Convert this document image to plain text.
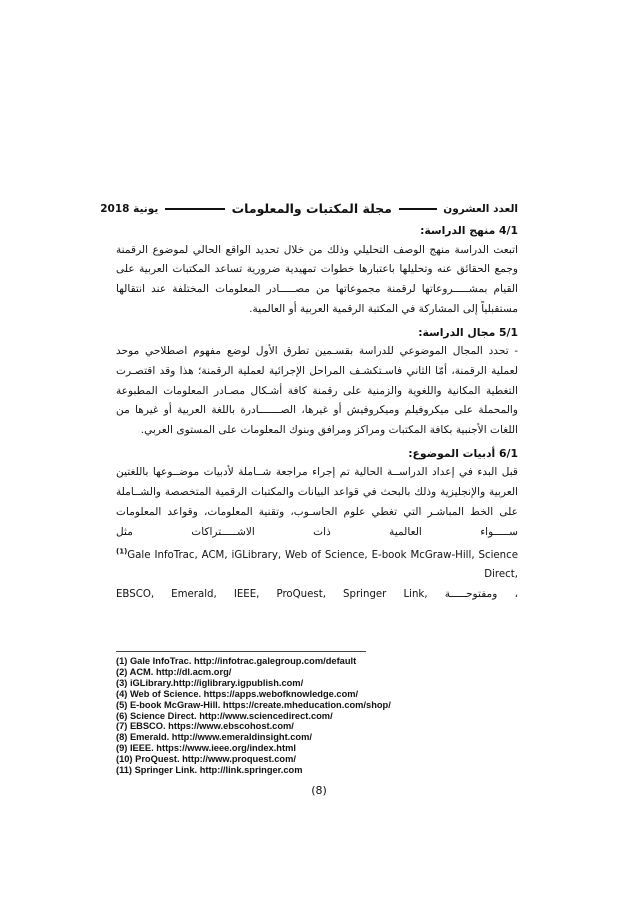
العدد العشرون  مجلة المكتبات والمعلومات  يونية 2018

4/1 منهج الدراسة:

اتبعت الدراسة منهج الوصف التحليلي وذلك من خلال تحديد الواقع الحالي لموضوع الرقمنة وجمع الحقائق عنه وتحليلها باعتبارها خطوات تمهيدية ضرورية تساعد المكتبات العربية على القيام بمشـــــروعاتها لرقمنة مجموعاتها من مصـــــادر المعلومات المختلفة عند انتقالها مستقبلياً إلى المشاركة في المكتبة الرقمية العربية أو العالمية.

5/1 مجال الدراسة:

- تحدد المجال الموضوعي للدراسة بقسـمين تطرق الأول لوضع مفهوم اصطلاحي موحد لعملية الرقمنة، أمّا الثاني فاسـتكشـف المراحل الإجرائية لعملية الرقمنة؛ هذا وقد اقتصـرت التغطية المكانية واللغوية والزمنية على رقمنة كافة أشـكال مصـادر المعلومات المطبوعة والمحملة على ميكروفيلم وميكروفيش أو غيرها، الصـــــــادرة باللغة العربية أو غيرها من اللغات الأجنبية بكافة المكتبات ومراكز ومرافق وبنوك المعلومات على المستوى العربي.

6/1 أدبيات الموضوع:

قبل البدء في إعداد الدراســة الحالية تم إجراء مراجعة شــاملة لأدبيات موضــوعها باللغتين العربية والإنجليزية وذلك بالبحث في قواعد البيانات والمكتبات الرقمية المتخصصة والشــاملة على الخط المباشـر التي تغطي علوم الحاسـوب، وتقنية المعلومات، وقواعد المعلومات ســـــواء العالمية ذات الاشـــــتراكات مثل

$^{(1)}$Gale InfoTrac, ACM, iGLibrary, Web of Science, E-book McGraw-Hill, Science Direct,

، ومفتوحـــــة EBSCO, Emerald, IEEE, ProQuest, Springer Link,

(1) Gale InfoTrac. http://infotrac.galegroup.com/default
(2) ACM. http://dl.acm.org/
(3) iGLibrary.http://iglibrary.igpublish.com/
(4) Web of Science. https://apps.webofknowledge.com/
(5) E-book McGraw-Hill. https://create.mheducation.com/shop/
(6) Science Direct. http://www.sciencedirect.com/
(7) EBSCO. https://www.ebscohost.com/
(8) Emerald. http://www.emeraldinsight.com/
(9) IEEE. https://www.ieee.org/index.html
(10) ProQuest. http://www.proquest.com/
(11) Springer Link. http://link.springer.com
(8)
